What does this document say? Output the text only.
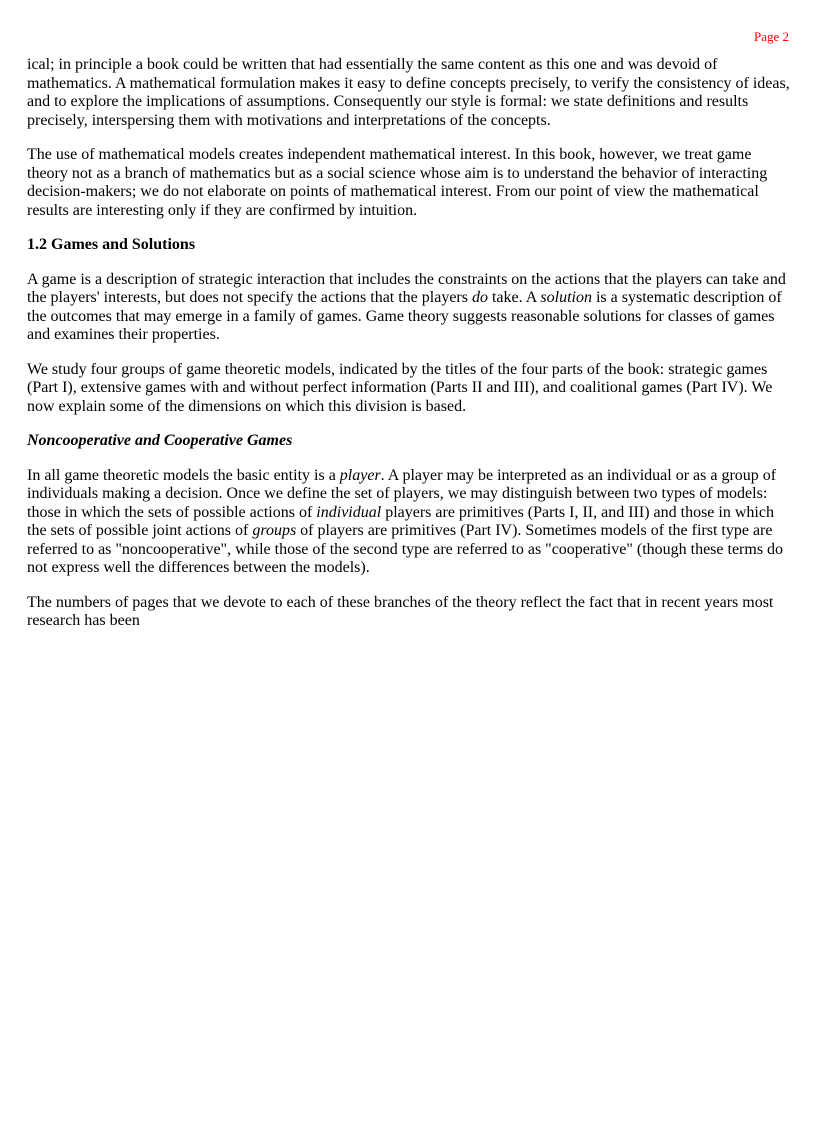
Page 2

ical; in principle a book could be written that had essentially the same content as this one and was devoid of mathematics. A mathematical formulation makes it easy to define concepts precisely, to verify the consistency of ideas, and to explore the implications of assumptions. Consequently our style is formal: we state definitions and results precisely, interspersing them with motivations and interpretations of the concepts.

The use of mathematical models creates independent mathematical interest. In this book, however, we treat game theory not as a branch of mathematics but as a social science whose aim is to understand the behavior of interacting decision-makers; we do not elaborate on points of mathematical interest. From our point of view the mathematical results are interesting only if they are confirmed by intuition.

1.2 Games and Solutions

A game is a description of strategic interaction that includes the constraints on the actions that the players can take and the players' interests, but does not specify the actions that the players do take. A solution is a systematic description of the outcomes that may emerge in a family of games. Game theory suggests reasonable solutions for classes of games and examines their properties.

We study four groups of game theoretic models, indicated by the titles of the four parts of the book: strategic games (Part I), extensive games with and without perfect information (Parts II and III), and coalitional games (Part IV). We now explain some of the dimensions on which this division is based.

Noncooperative and Cooperative Games

In all game theoretic models the basic entity is a player. A player may be interpreted as an individual or as a group of individuals making a decision. Once we define the set of players, we may distinguish between two types of models: those in which the sets of possible actions of individual players are primitives (Parts I, II, and III) and those in which the sets of possible joint actions of groups of players are primitives (Part IV). Sometimes models of the first type are referred to as "noncooperative", while those of the second type are referred to as "cooperative" (though these terms do not express well the differences between the models).

The numbers of pages that we devote to each of these branches of the theory reflect the fact that in recent years most research has been
